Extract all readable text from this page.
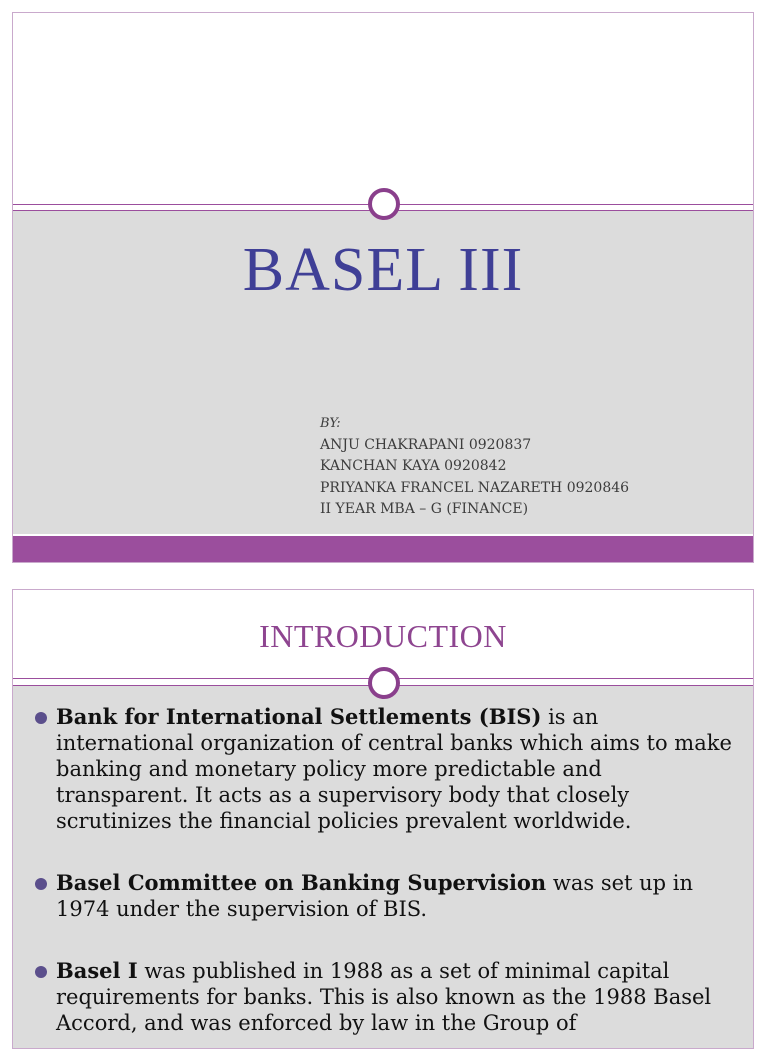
BASEL III
BY:
ANJU CHAKRAPANI 0920837
KANCHAN KAYA 0920842
PRIYANKA FRANCEL NAZARETH 0920846
II YEAR MBA – G (FINANCE)
INTRODUCTION
Bank for International Settlements (BIS) is an international organization of central banks which aims to make banking and monetary policy more predictable and transparent. It acts as a supervisory body that closely scrutinizes the financial policies prevalent worldwide.
Basel Committee on Banking Supervision was set up in 1974 under the supervision of BIS.
Basel I was published in 1988 as a set of minimal capital requirements for banks. This is also known as the 1988 Basel Accord, and was enforced by law in the Group of
